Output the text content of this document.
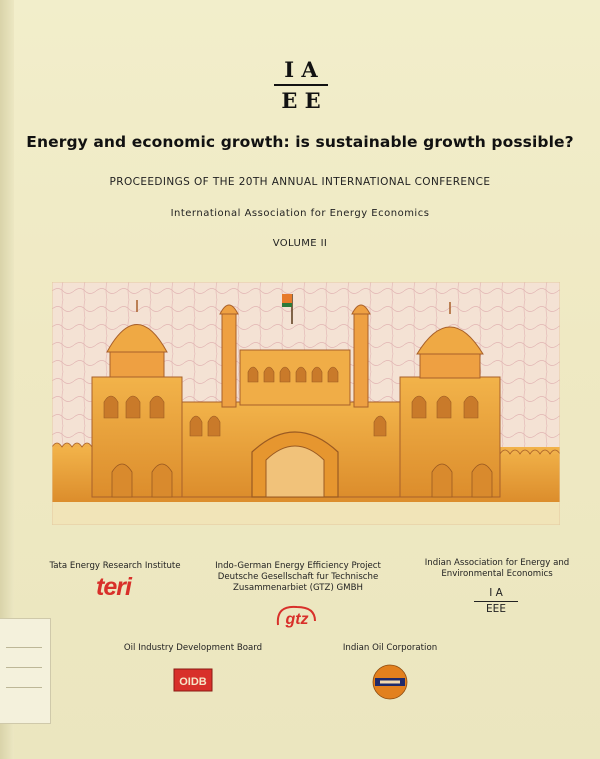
I A
E E
Energy and economic growth: is sustainable growth possible?
PROCEEDINGS OF THE 20TH ANNUAL INTERNATIONAL CONFERENCE
International Association for Energy Economics
VOLUME II
Tata Energy Research Institute
teri
Indo-German Energy Efficiency Project
Deutsche Gesellschaft fur Technische
Zusammenarbiet (GTZ) GMBH
gtz
Indian Association for Energy and
Environmental Economics
I A
EEE
Oil Industry Development Board
OIDB
Indian Oil Corporation
